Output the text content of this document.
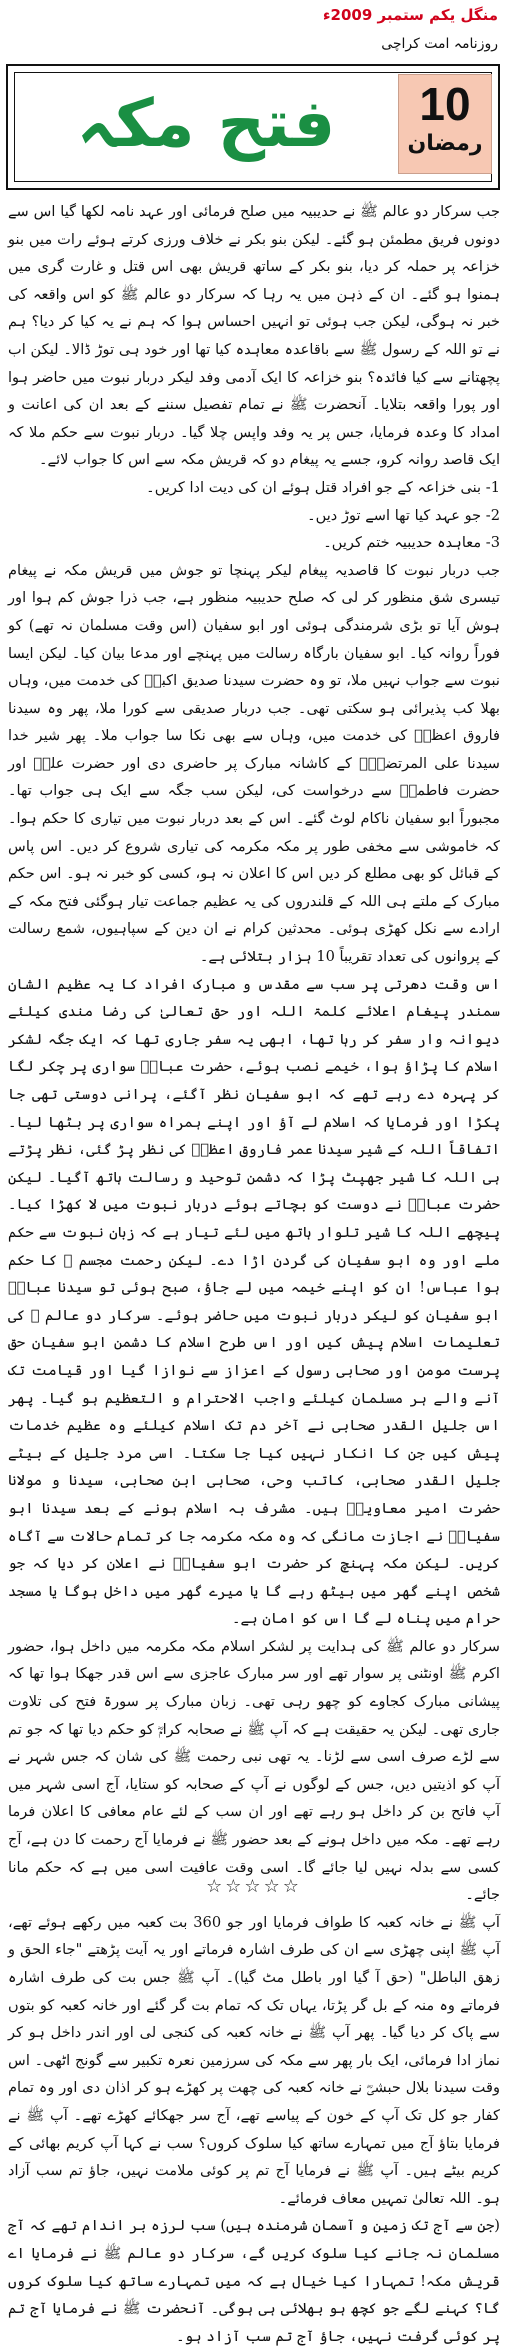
منگل یکم ستمبر 2009ء
روزنامہ امت کراچی
10
رمضان
فتح مکہ

جب سرکار دو عالم ﷺ نے حدیبیہ میں صلح فرمائی اور عہد نامہ لکھا گیا اس سے دونوں فریق مطمئن ہو گئے۔ لیکن بنو بکر نے خلاف ورزی کرتے ہوئے رات میں بنو خزاعہ پر حملہ کر دیا، بنو بکر کے ساتھ قریش بھی اس قتل و غارت گری میں ہمنوا ہو گئے۔ ان کے ذہن میں یہ رہا کہ سرکار دو عالم ﷺ کو اس واقعہ کی خبر نہ ہوگی، لیکن جب ہوئی تو انہیں احساس ہوا کہ ہم نے یہ کیا کر دیا؟ ہم نے تو اللہ کے رسول ﷺ سے باقاعدہ معاہدہ کیا تھا اور خود ہی توڑ ڈالا۔ لیکن اب پچھتانے سے کیا فائدہ؟ بنو خزاعہ کا ایک آدمی وفد لیکر دربار نبوت میں حاضر ہوا اور پورا واقعہ بتلایا۔ آنحضرت ﷺ نے تمام تفصیل سننے کے بعد ان کی اعانت و امداد کا وعدہ فرمایا، جس پر یہ وفد واپس چلا گیا۔ دربار نبوت سے حکم ملا کہ ایک قاصد روانہ کرو، جسے یہ پیغام دو کہ قریش مکہ سے اس کا جواب لائے۔

1- بنی خزاعہ کے جو افراد قتل ہوئے ان کی دیت ادا کریں۔

2- جو عہد کیا تھا اسے توڑ دیں۔

3- معاہدہ حدیبیہ ختم کریں۔

جب دربار نبوت کا قاصدیہ پیغام لیکر پہنچا تو جوش میں قریش مکہ نے پیغام تیسری شق منظور کر لی کہ صلح حدیبیہ منظور ہے، جب ذرا جوش کم ہوا اور ہوش آیا تو بڑی شرمندگی ہوئی اور ابو سفیان (اس وقت مسلمان نہ تھے) کو فوراً روانہ کیا۔ ابو سفیان بارگاہ رسالت میں پہنچے اور مدعا بیان کیا۔ لیکن ایسا نبوت سے جواب نہیں ملا، تو وہ حضرت سیدنا صدیق اکبرؓ کی خدمت میں، وہاں بھلا کب پذیرائی ہو سکتی تھی۔ جب دربار صدیقی سے کورا ملا، پھر وہ سیدنا فاروق اعظمؓ کی خدمت میں، وہاں سے بھی نکا سا جواب ملا۔ پھر شیر خدا سیدنا علی المرتضیٰؓ کے کاشانہ مبارک پر حاضری دی اور حضرت علیؓ اور حضرت فاطمہؓ سے درخواست کی، لیکن سب جگہ سے ایک ہی جواب تھا۔ مجبوراً ابو سفیان ناکام لوٹ گئے۔ اس کے بعد دربار نبوت میں تیاری کا حکم ہوا۔ کہ خاموشی سے مخفی طور پر مکہ مکرمہ کی تیاری شروع کر دیں۔ اس پاس کے قبائل کو بھی مطلع کر دیں اس کا اعلان نہ ہو، کسی کو خبر نہ ہو۔ اس حکم مبارک کے ملتے ہی اللہ کے قلندروں کی یہ عظیم جماعت تیار ہوگئی فتح مکہ کے ارادے سے نکل کھڑی ہوئی۔ محدثین کرام نے ان دین کے سپاہیوں، شمع رسالت کے پروانوں کی تعداد تقریباً 10 ہزار بتلائی ہے۔

اس وقت دھرتی پر سب سے مقدس و مبارک افراد کا یہ عظیم الشان سمندر پیغام اعلائے کلمۃ اللہ اور حق تعالیٰ کی رضا مندی کیلئے دیوانہ وار سفر کر رہا تھا، ابھی یہ سفر جاری تھا کہ ایک جگہ لشکر اسلام کا پڑاؤ ہوا، خیمے نصب ہوئے، حضرت عباسؓ سواری پر چکر لگا کر پہرہ دے رہے تھے کہ ابو سفیان نظر آگئے، پرانی دوستی تھی جا پکڑا اور فرمایا کہ اسلام لے آؤ اور اپنے ہمراہ سواری پر بٹھا لیا۔ اتفاقاً اللہ کے شیر سیدنا عمر فاروق اعظمؓ کی نظر پڑ گئی، نظر پڑتے ہی اللہ کا شیر جھپٹ پڑا کہ دشمن توحید و رسالت ہاتھ آگیا۔ لیکن حضرت عباسؓ نے دوست کو بچاتے ہوئے دربار نبوت میں لا کھڑا کیا۔ پیچھے اللہ کا شیر تلوار ہاتھ میں لئے تیار ہے کہ زبان نبوت سے حکم ملے اور وہ ابو سفیان کی گردن اڑا دے۔ لیکن رحمت مجسم ﷺ کا حکم ہوا عباس! ان کو اپنے خیمہ میں لے جاؤ، صبح ہوئی تو سیدنا عباسؓ ابو سفیان کو لیکر دربار نبوت میں حاضر ہوئے۔ سرکار دو عالم ﷺ کی تعلیمات اسلام پیش کیں اور اس طرح اسلام کا دشمن ابو سفیان حق پرست مومن اور صحابی رسول کے اعزاز سے نوازا گیا اور قیامت تک آنے والے ہر مسلمان کیلئے واجب الاحترام و التعظیم ہو گیا۔ پھر اس جلیل القدر صحابی نے آخر دم تک اسلام کیلئے وہ عظیم خدمات پیش کیں جن کا انکار نہیں کیا جا سکتا۔ اسی مرد جلیل کے بیٹے جلیل القدر صحابی، کاتب وحی، صحابی ابن صحابی، سیدنا و مولانا حضرت امیر معاویہؓ ہیں۔ مشرف بہ اسلام ہونے کے بعد سیدنا ابو سفیانؓ نے اجازت مانگی کہ وہ مکہ مکرمہ جا کر تمام حالات سے آگاہ کریں۔ لیکن مکہ پہنچ کر حضرت ابو سفیانؓ نے اعلان کر دیا کہ جو شخص اپنے گھر میں بیٹھ رہے گا یا میرے گھر میں داخل ہوگا یا مسجد حرام میں پناہ لے گا اس کو امان ہے۔

سرکار دو عالم ﷺ کی ہدایت پر لشکر اسلام مکہ مکرمہ میں داخل ہوا، حضور اکرم ﷺ اونٹنی پر سوار تھے اور سر مبارک عاجزی سے اس قدر جھکا ہوا تھا کہ پیشانی مبارک کجاوے کو چھو رہی تھی۔ زبان مبارک پر سورۃ فتح کی تلاوت جاری تھی۔ لیکن یہ حقیقت ہے کہ آپ ﷺ نے صحابہ کرامؓ کو حکم دیا تھا کہ جو تم سے لڑے صرف اسی سے لڑنا۔ یہ تھی نبی رحمت ﷺ کی شان کہ جس شہر نے آپ کو اذیتیں دیں، جس کے لوگوں نے آپ کے صحابہ کو ستایا، آج اسی شہر میں آپ فاتح بن کر داخل ہو رہے تھے اور ان سب کے لئے عام معافی کا اعلان فرما رہے تھے۔ مکہ میں داخل ہونے کے بعد حضور ﷺ نے فرمایا آج رحمت کا دن ہے، آج کسی سے بدلہ نہیں لیا جائے گا۔ اسی وقت عافیت اسی میں ہے کہ حکم مانا جائے۔

آپ ﷺ نے خانہ کعبہ کا طواف فرمایا اور جو 360 بت کعبہ میں رکھے ہوئے تھے، آپ ﷺ اپنی چھڑی سے ان کی طرف اشارہ فرماتے اور یہ آیت پڑھتے "جاء الحق و زھق الباطل" (حق آ گیا اور باطل مٹ گیا)۔ آپ ﷺ جس بت کی طرف اشارہ فرماتے وہ منہ کے بل گر پڑتا، یہاں تک کہ تمام بت گر گئے اور خانہ کعبہ کو بتوں سے پاک کر دیا گیا۔ پھر آپ ﷺ نے خانہ کعبہ کی کنجی لی اور اندر داخل ہو کر نماز ادا فرمائی، ایک بار پھر سے مکہ کی سرزمین نعرہ تکبیر سے گونج اٹھی۔ اس وقت سیدنا بلال حبشیؓ نے خانہ کعبہ کی چھت پر کھڑے ہو کر اذان دی اور وہ تمام کفار جو کل تک آپ کے خون کے پیاسے تھے، آج سر جھکائے کھڑے تھے۔ آپ ﷺ نے فرمایا بتاؤ آج میں تمہارے ساتھ کیا سلوک کروں؟ سب نے کہا آپ کریم بھائی کے کریم بیٹے ہیں۔ آپ ﷺ نے فرمایا آج تم پر کوئی ملامت نہیں، جاؤ تم سب آزاد ہو۔ اللہ تعالیٰ تمہیں معاف فرمائے۔

(جن سے آج تک زمین و آسمان شرمندہ ہیں) سب لرزہ بر اندام تھے کہ آج مسلمان نہ جانے کیا سلوک کریں گے، سرکار دو عالم ﷺ نے فرمایا اے قریش مکہ! تمہارا کیا خیال ہے کہ میں تمہارے ساتھ کیا سلوک کروں گا؟ کہنے لگے جو کچھ ہو بھلائی ہی ہوگی۔ آنحضرت ﷺ نے فرمایا آج تم پر کوئی گرفت نہیں، جاؤ آج تم سب آزاد ہو۔

☆☆☆☆☆
